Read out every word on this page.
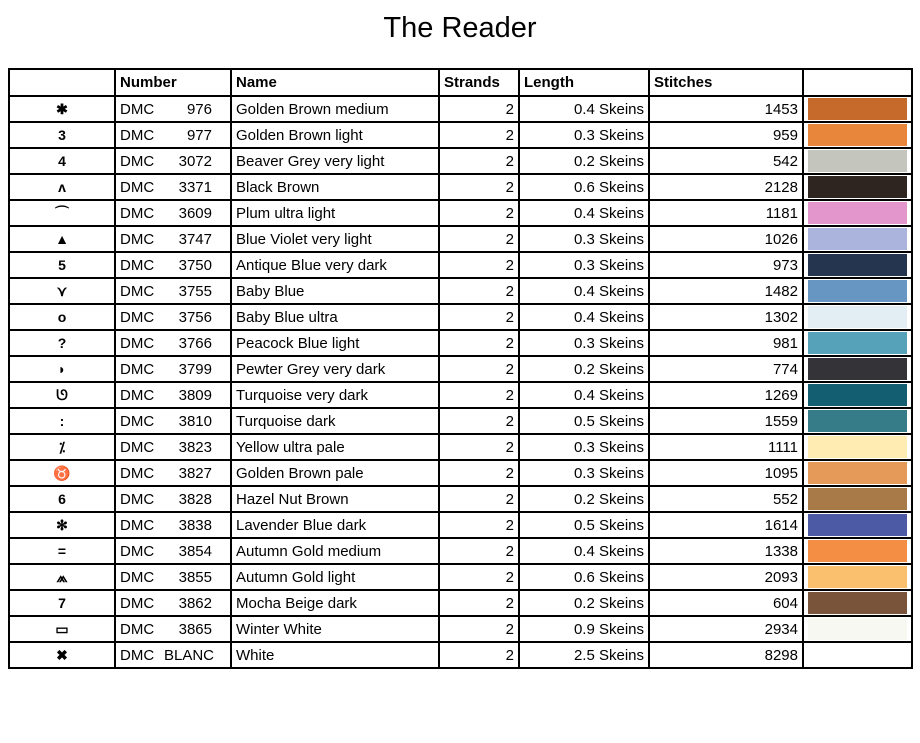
The Reader
	Number	Name	Strands	Length	Stitches	
✱	DMC 976	Golden Brown medium	2	0.4 Skeins	1453	

3	DMC 977	Golden Brown light	2	0.3 Skeins	959	

4	DMC 3072	Beaver Grey very light	2	0.2 Skeins	542	

ʌ	DMC 3371	Black Brown	2	0.6 Skeins	2128	

⌒	DMC 3609	Plum ultra light	2	0.4 Skeins	1181	

▲	DMC 3747	Blue Violet very light	2	0.3 Skeins	1026	

5	DMC 3750	Antique Blue very dark	2	0.3 Skeins	973	

⋎	DMC 3755	Baby Blue	2	0.4 Skeins	1482	

o	DMC 3756	Baby Blue ultra	2	0.4 Skeins	1302	

?	DMC 3766	Peacock Blue light	2	0.3 Skeins	981	

◗	DMC 3799	Pewter Grey very dark	2	0.2 Skeins	774	

ᘎ	DMC 3809	Turquoise very dark	2	0.4 Skeins	1269	

:	DMC 3810	Turquoise dark	2	0.5 Skeins	1559	

⁒	DMC 3823	Yellow ultra pale	2	0.3 Skeins	1111	

♉	DMC 3827	Golden Brown pale	2	0.3 Skeins	1095	

6	DMC 3828	Hazel Nut Brown	2	0.2 Skeins	552	

✻	DMC 3838	Lavender Blue dark	2	0.5 Skeins	1614	

=	DMC 3854	Autumn Gold medium	2	0.4 Skeins	1338	

⩕	DMC 3855	Autumn Gold light	2	0.6 Skeins	2093	

7	DMC 3862	Mocha Beige dark	2	0.2 Skeins	604	

▭	DMC 3865	Winter White	2	0.9 Skeins	2934	

✖	DMC BLANC	White	2	2.5 Skeins	8298	
